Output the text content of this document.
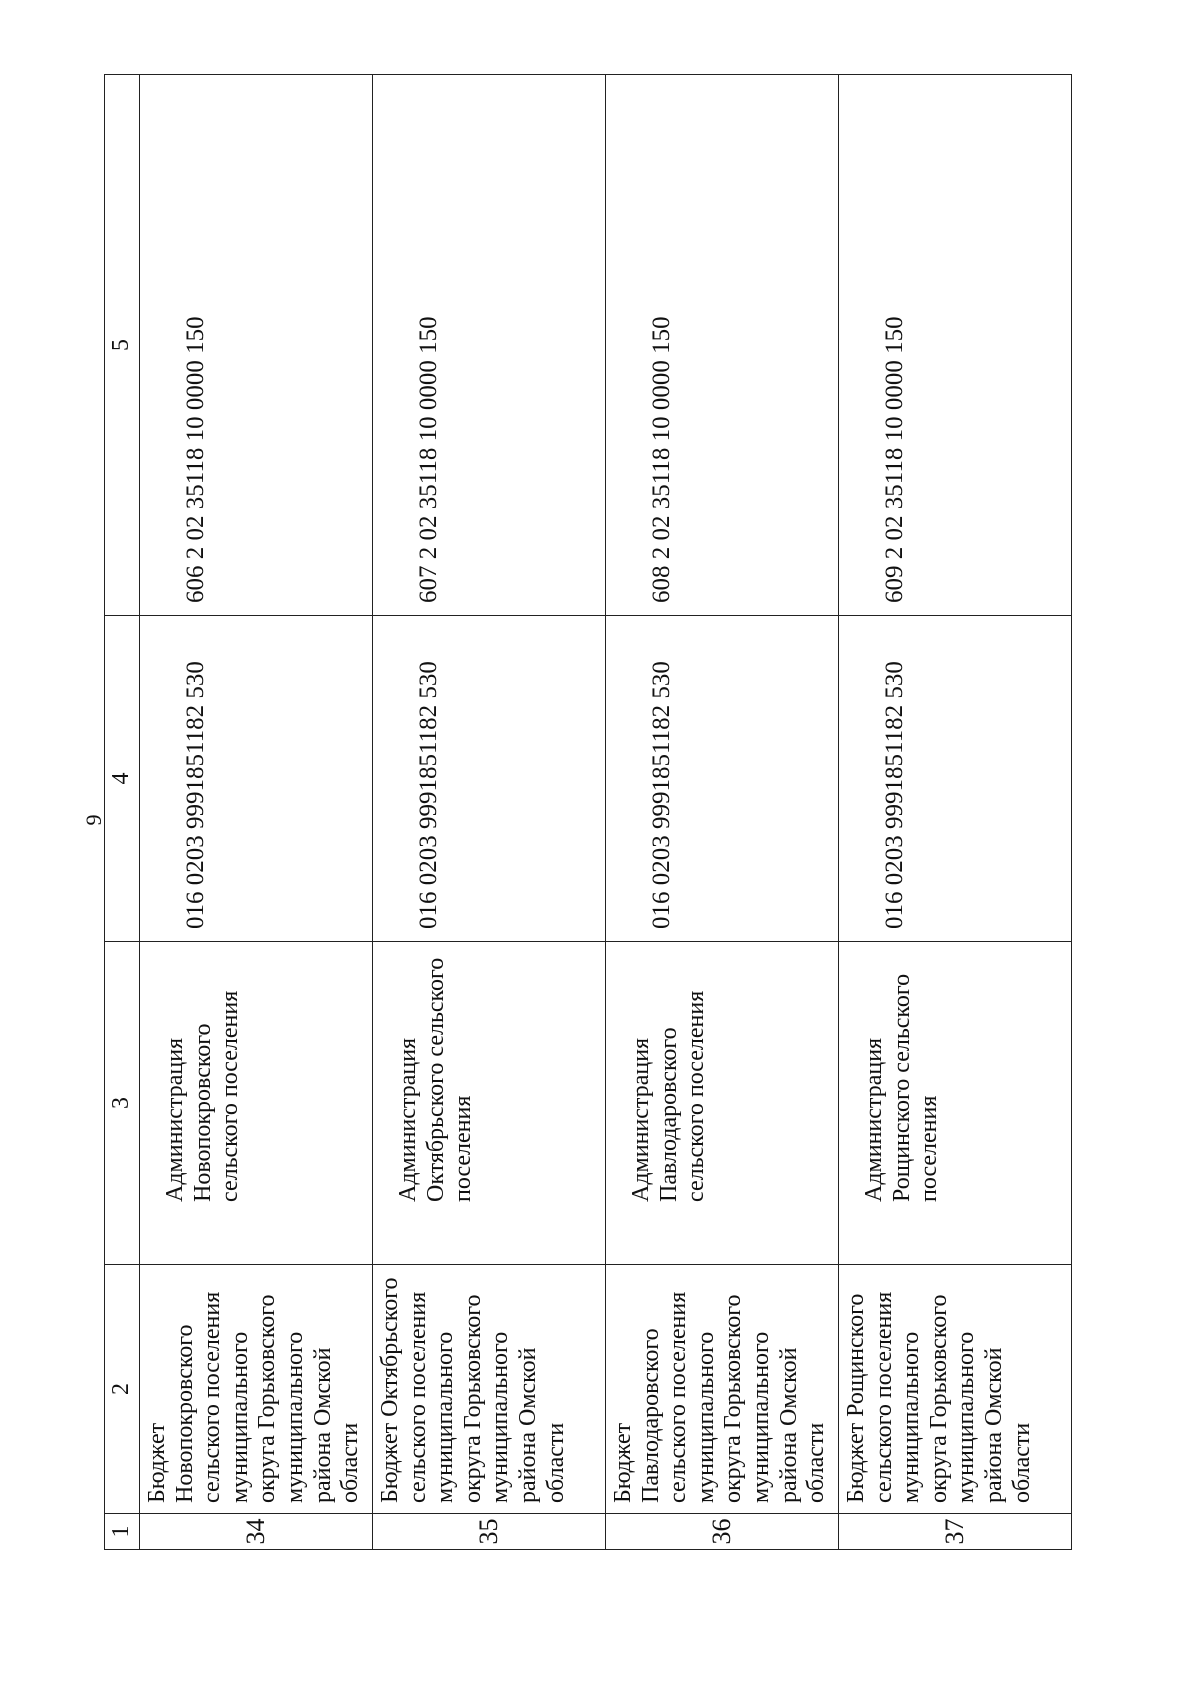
9
1	2	3	4	5
34	Бюджет Новопокровского сельского поселения муниципального округа Горьковского муниципального района Омской области	Администрация Новопокровского сельского поселения	016 0203 9991851182 530	606 2 02 35118 10 0000 150

35	Бюджет Октябрьского сельского поселения муниципального округа Горьковского муниципального района Омской области	Администрация Октябрьского сельского поселения	016 0203 9991851182 530	607 2 02 35118 10 0000 150

36	Бюджет Павлодаровского сельского поселения муниципального округа Горьковского муниципального района Омской области	Администрация Павлодаровского сельского поселения	016 0203 9991851182 530	608 2 02 35118 10 0000 150

37	Бюджет Рощинского сельского поселения муниципального округа Горьковского муниципального района Омской области	Администрация Рощинского сельского поселения	016 0203 9991851182 530	609 2 02 35118 10 0000 150
